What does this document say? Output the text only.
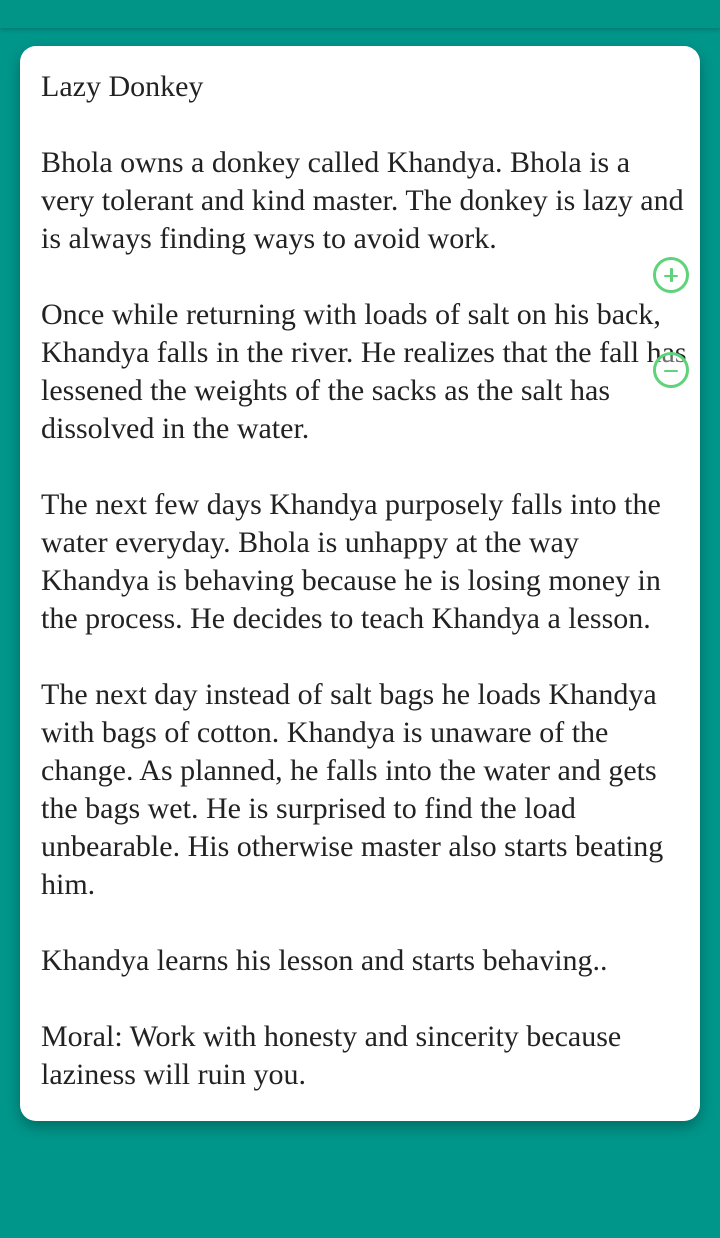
Lazy Donkey

Bhola owns a donkey called Khandya. Bhola is a very tolerant and kind master. The donkey is lazy and is always finding ways to avoid work.

Once while returning with loads of salt on his back, Khandya falls in the river. He realizes that the fall has lessened the weights of the sacks as the salt has dissolved in the water.

The next few days Khandya purposely falls into the water everyday. Bhola is unhappy at the way Khandya is behaving because he is losing money in the process. He decides to teach Khandya a lesson.

The next day instead of salt bags he loads Khandya with bags of cotton. Khandya is unaware of the change. As planned, he falls into the water and gets the bags wet. He is surprised to find the load unbearable. His otherwise master also starts beating him.

Khandya learns his lesson and starts behaving..

Moral: Work with honesty and sincerity because laziness will ruin you.
